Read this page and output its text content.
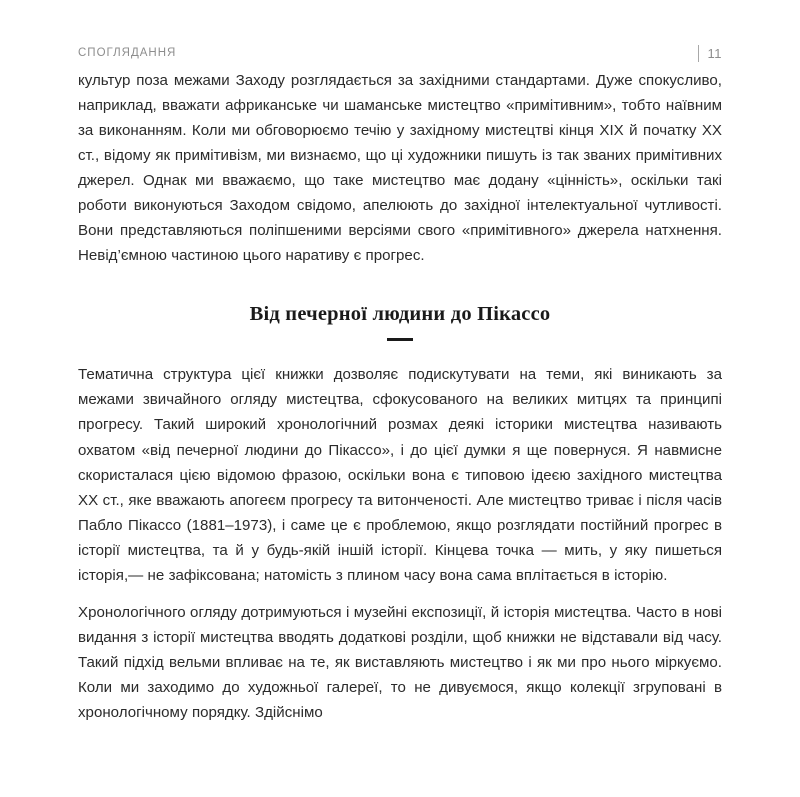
СПОГЛЯДАННЯ	11

культур поза межами Заходу розглядається за західними стандартами. Дуже спокусливо, наприклад, вважати африканське чи шаманське мистецтво «примітивним», тобто наївним за виконанням. Коли ми обговорюємо течію у західному мистецтві кінця XIX й початку XX ст., відому як примітивізм, ми визнаємо, що ці художники пишуть із так званих примітивних джерел. Однак ми вважаємо, що таке мистецтво має додану «цінність», оскільки такі роботи виконуються Заходом свідомо, апелюють до західної інтелектуальної чутливості. Вони представляються поліпшеними версіями свого «примітивного» джерела натхнення. Невід’ємною частиною цього наративу є прогрес.

Від печерної людини до Пікассо

Тематична структура цієї книжки дозволяє подискутувати на теми, які виникають за межами звичайного огляду мистецтва, сфокусованого на великих митцях та принципі прогресу. Такий широкий хронологічний розмах деякі історики мистецтва називають охватом «від печерної людини до Пікассо», і до цієї думки я ще повернуся. Я навмисне скористалася цією відомою фразою, оскільки вона є типовою ідеєю західного мистецтва XX ст., яке вважають апогеєм прогресу та витонченості. Але мистецтво триває і після часів Пабло Пікассо (1881–1973), і саме це є проблемою, якщо розглядати постійний прогрес в історії мистецтва, та й у будь-якій іншій історії. Кінцева точка — мить, у яку пишеться історія,— не зафіксована; натомість з плином часу вона сама вплітається в історію.

Хронологічного огляду дотримуються і музейні експозиції, й історія мистецтва. Часто в нові видання з історії мистецтва вводять додаткові розділи, щоб книжки не відставали від часу. Такий підхід вельми впливає на те, як виставляють мистецтво і як ми про нього міркуємо. Коли ми заходимо до художньої галереї, то не дивуємося, якщо колекції згруповані в хронологічному порядку. Здійснімо
